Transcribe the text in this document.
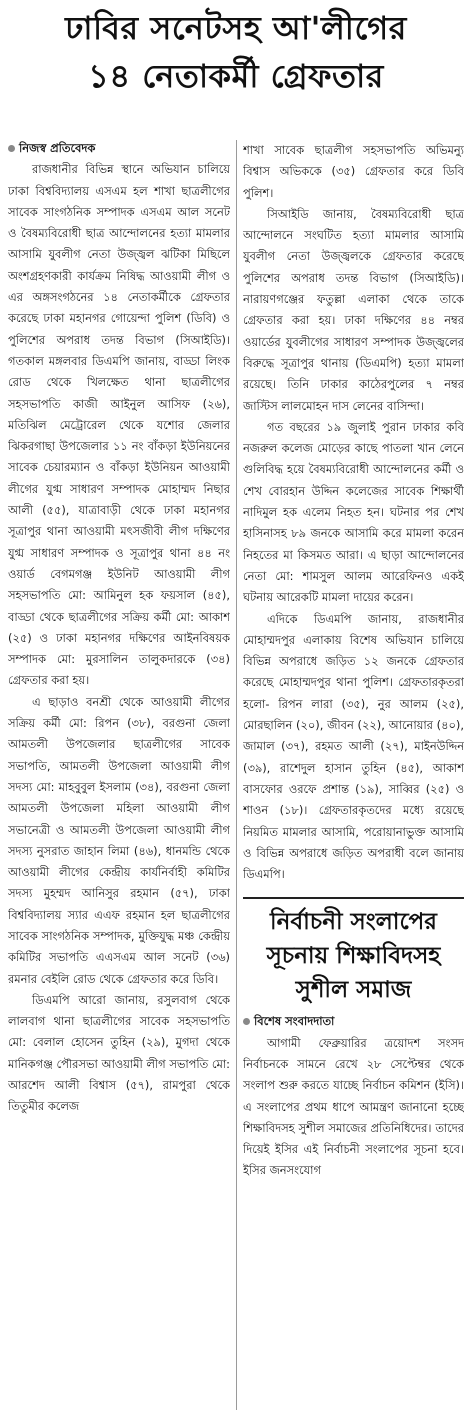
ঢাবির সনেটসহ আ'লীগের
১৪ নেতাকর্মী গ্রেফতার
নিজস্ব প্রতিবেদক

রাজধানীর বিভিন্ন স্থানে অভিযান চালিয়ে ঢাকা বিশ্ববিদ্যালয় এসএম হল শাখা ছাত্রলীগের সাবেক সাংগঠনিক সম্পাদক এসএম আল সনেট ও বৈষম্যবিরোধী ছাত্র আন্দোলনের হত্যা মামলার আসামি যুবলীগ নেতা উজ্জ্বল ঝটিকা মিছিলে অংশগ্রহণকারী কার্যক্রম নিষিদ্ধ আওয়ামী লীগ ও এর অঙ্গসংগঠনের ১৪ নেতাকর্মীকে গ্রেফতার করেছে ঢাকা মহানগর গোয়েন্দা পুলিশ (ডিবি) ও পুলিশের অপরাধ তদন্ত বিভাগ (সিআইডি)। গতকাল মঙ্গলবার ডিএমপি জানায়, বাড্ডা লিংক রোড থেকে খিলক্ষেত থানা ছাত্রলীগের সহসভাপতি কাজী আইনুল আসিফ (২৬), মতিঝিল মেট্রোরেল থেকে যশোর জেলার ঝিকরগাছা উপজেলার ১১ নং বাঁকড়া ইউনিয়নের সাবেক চেয়ারম্যান ও বাঁকড়া ইউনিয়ন আওয়ামী লীগের যুগ্ম সাধারণ সম্পাদক মোহাম্মদ নিছার আলী (৫৫), যাত্রাবাড়ী থেকে ঢাকা মহানগর সূত্রাপুর থানা আওয়ামী মৎসজীবী লীগ দক্ষিণের যুগ্ম সাধারণ সম্পাদক ও সূত্রাপুর থানা ৪৪ নং ওয়ার্ড বেগমগঞ্জ ইউনিট আওয়ামী লীগ সহসভাপতি মো: আমিনুল হক ফয়সাল (৪৫), বাড্ডা থেকে ছাত্রলীগের সক্রিয় কর্মী মো: আকাশ (২৫) ও ঢাকা মহানগর দক্ষিণের আইনবিষয়ক সম্পাদক মো: মুরসালিন তালুকদারকে (৩৪) গ্রেফতার করা হয়।

এ ছাড়াও বনশ্রী থেকে আওয়ামী লীগের সক্রিয় কর্মী মো: রিপন (৩৮), বরগুনা জেলা আমতলী উপজেলার ছাত্রলীগের সাবেক সভাপতি, আমতলী উপজেলা আওয়ামী লীগ সদস্য মো: মাহবুবুল ইসলাম (৩৪), বরগুনা জেলা আমতলী উপজেলা মহিলা আওয়ামী লীগ সভানেত্রী ও আমতলী উপজেলা আওয়ামী লীগ সদস্য নুসরাত জাহান লিমা (৪৬), ধানমন্ডি থেকে আওয়ামী লীগের কেন্দ্রীয় কার্যনির্বাহী কমিটির সদস্য মুহম্মদ আনিসুর রহমান (৫৭), ঢাকা বিশ্ববিদ্যালয় স্যার এএফ রহমান হল ছাত্রলীগের সাবেক সাংগঠনিক সম্পাদক, মুক্তিযুদ্ধ মঞ্চ কেন্দ্রীয় কমিটির সভাপতি এএসএম আল সনেট (৩৬) রমনার বেইলি রোড থেকে গ্রেফতার করে ডিবি।

ডিএমপি আরো জানায়, রসুলবাগ থেকে লালবাগ থানা ছাত্রলীগের সাবেক সহসভাপতি মো: বেলাল হোসেন তুহিন (২৯), মুগদা থেকে মানিকগঞ্জ পৌরসভা আওয়ামী লীগ সভাপতি মো: আরশেদ আলী বিশ্বাস (৫৭), রামপুরা থেকে তিতুমীর কলেজ

শাখা সাবেক ছাত্রলীগ সহসভাপতি অভিমন্যু বিশ্বাস অভিককে (৩৫) গ্রেফতার করে ডিবি পুলিশ।

সিআইডি জানায়, বৈষম্যবিরোধী ছাত্র আন্দোলনে সংঘটিত হত্যা মামলার আসামি যুবলীগ নেতা উজ্জ্বলকে গ্রেফতার করেছে পুলিশের অপরাধ তদন্ত বিভাগ (সিআইডি)। নারায়ণগঞ্জের ফতুল্লা এলাকা থেকে তাকে গ্রেফতার করা হয়। ঢাকা দক্ষিণের ৪৪ নম্বর ওয়ার্ডের যুবলীগের সাধারণ সম্পাদক উজ্জ্বলের বিরুদ্ধে সূত্রাপুর থানায় (ডিএমপি) হত্যা মামলা রয়েছে। তিনি ঢাকার কাঠেরপুলের ৭ নম্বর জাস্টিস লালমোহন দাস লেনের বাসিন্দা।

গত বছরের ১৯ জুলাই পুরান ঢাকার কবি নজরুল কলেজ মোড়ের কাছে পাতলা খান লেনে গুলিবিদ্ধ হয়ে বৈষম্যবিরোধী আন্দোলনের কর্মী ও শেখ বোরহান উদ্দিন কলেজের সাবেক শিক্ষার্থী নাদিমুল হক এলেম নিহত হন। ঘটনার পর শেখ হাসিনাসহ ৮৯ জনকে আসামি করে মামলা করেন নিহতের মা কিসমত আরা। এ ছাড়া আন্দোলনের নেতা মো: শামসুল আলম আরেফিনও একই ঘটনায় আরেকটি মামলা দায়ের করেন।

এদিকে ডিএমপি জানায়, রাজধানীর মোহাম্মদপুর এলাকায় বিশেষ অভিযান চালিয়ে বিভিন্ন অপরাধে জড়িত ১২ জনকে গ্রেফতার করেছে মোহাম্মদপুর থানা পুলিশ। গ্রেফতারকৃতরা হলো- রিপন লারা (৩৫), নুর আলম (২৫), মোরছালিন (২০), জীবন (২২), আনোয়ার (৪০), জামাল (৩৭), রহমত আলী (২৭), মাইনউদ্দিন (৩৯), রাশেদুল হাসান তুহিন (৪৫), আকাশ বাসফোর ওরফে প্রশান্ত (১৯), সাব্বির (২৫) ও শাওন (১৮)। গ্রেফতারকৃতদের মধ্যে রয়েছে নিয়মিত মামলার আসামি, পরোয়ানাভুক্ত আসামি ও বিভিন্ন অপরাধে জড়িত অপরাধী বলে জানায় ডিএমপি।

নির্বাচনী সংলাপের
সূচনায় শিক্ষাবিদসহ
সুশীল সমাজ
বিশেষ সংবাদদাতা

আগামী ফেব্রুয়ারির ত্রয়োদশ সংসদ নির্বাচনকে সামনে রেখে ২৮ সেপ্টেম্বর থেকে সংলাপ শুরু করতে যাচ্ছে নির্বাচন কমিশন (ইসি)। এ সংলাপের প্রথম ধাপে আমন্ত্রণ জানানো হচ্ছে শিক্ষাবিদসহ সুশীল সমাজের প্রতিনিধিদের। তাদের দিয়েই ইসির এই নির্বাচনী সংলাপের সূচনা হবে। ইসির জনসংযোগ
